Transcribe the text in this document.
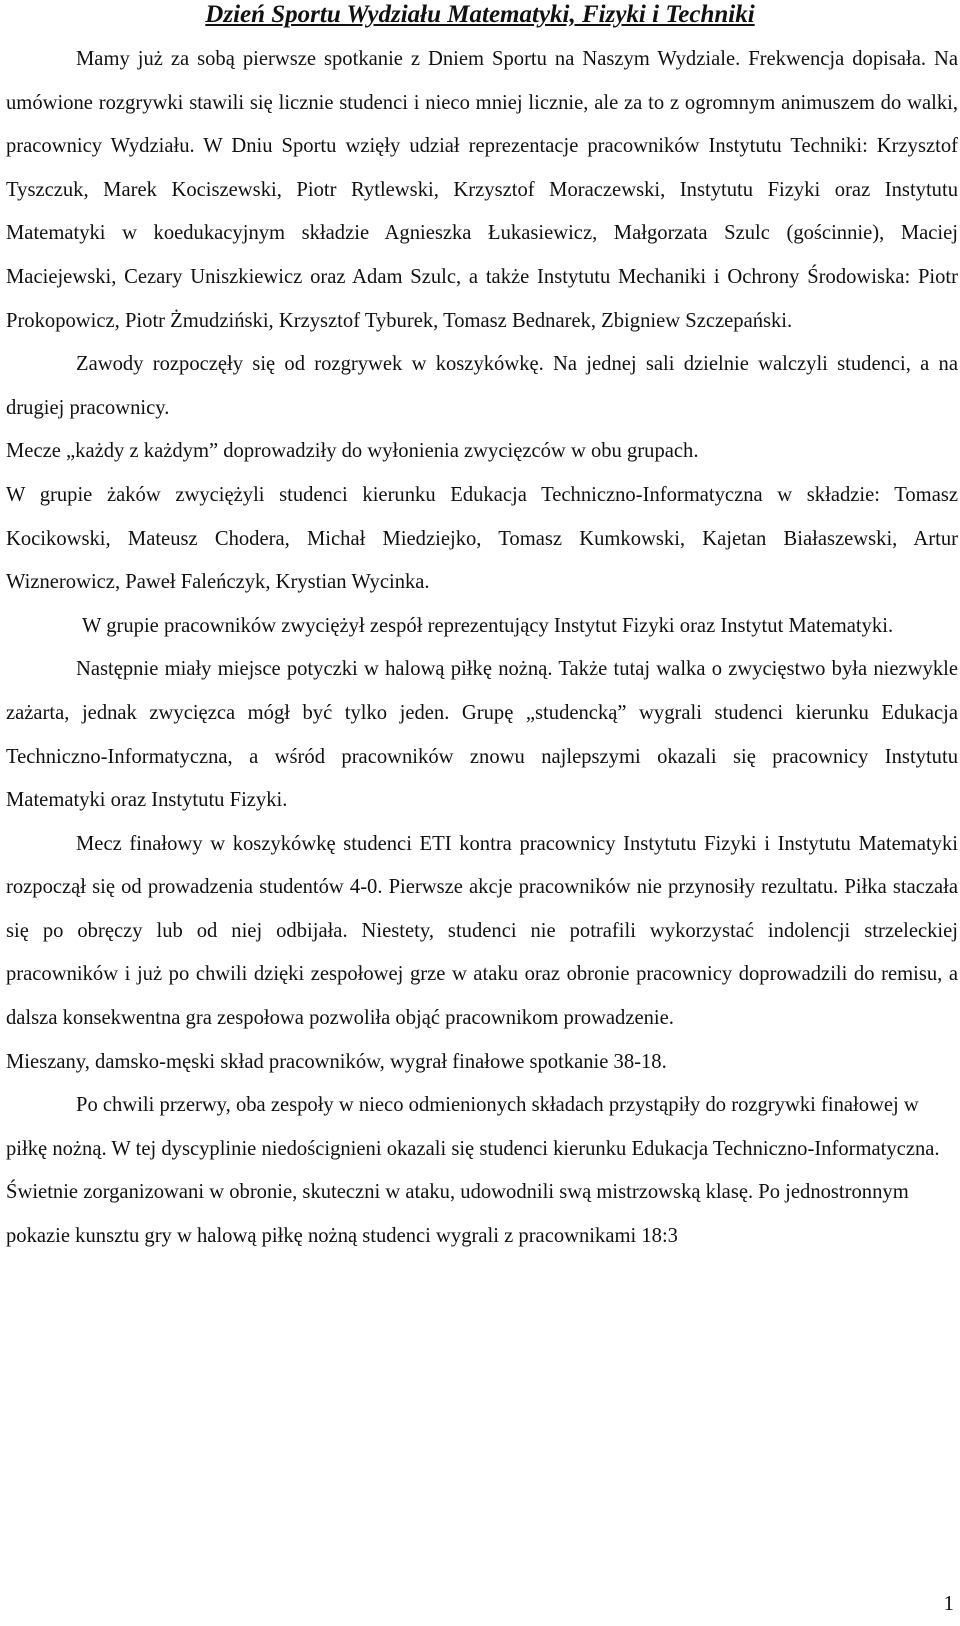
Dzień Sportu Wydziału Matematyki, Fizyki i Techniki

Mamy już za sobą pierwsze spotkanie z Dniem Sportu na Naszym Wydziale. Frekwencja dopisała. Na umówione rozgrywki stawili się licznie studenci i nieco mniej licznie, ale za to z ogromnym animuszem do walki, pracownicy Wydziału. W Dniu Sportu wzięły udział reprezentacje pracowników Instytutu Techniki: Krzysztof Tyszczuk, Marek Kociszewski, Piotr Rytlewski, Krzysztof Moraczewski, Instytutu Fizyki oraz Instytutu Matematyki w koedukacyjnym składzie Agnieszka Łukasiewicz, Małgorzata Szulc (gościnnie), Maciej Maciejewski, Cezary Uniszkiewicz oraz Adam Szulc, a także Instytutu Mechaniki i Ochrony Środowiska: Piotr Prokopowicz, Piotr Żmudziński, Krzysztof Tyburek, Tomasz Bednarek, Zbigniew Szczepański.

Zawody rozpoczęły się od rozgrywek w koszykówkę. Na jednej sali dzielnie walczyli studenci, a na drugiej pracownicy.

Mecze „każdy z każdym” doprowadziły do wyłonienia zwycięzców w obu grupach.

W grupie żaków zwyciężyli studenci kierunku Edukacja Techniczno-Informatyczna w składzie: Tomasz Kocikowski, Mateusz Chodera, Michał Miedziejko, Tomasz Kumkowski, Kajetan Białaszewski, Artur Wiznerowicz, Paweł Faleńczyk, Krystian Wycinka.

W grupie pracowników zwyciężył zespół reprezentujący Instytut Fizyki oraz Instytut Matematyki.

Następnie miały miejsce potyczki w halową piłkę nożną. Także tutaj walka o zwycięstwo była niezwykle zażarta, jednak zwycięzca mógł być tylko jeden. Grupę „studencką” wygrali studenci kierunku Edukacja Techniczno-Informatyczna, a wśród pracowników znowu najlepszymi okazali się pracownicy Instytutu Matematyki oraz Instytutu Fizyki.

Mecz finałowy w koszykówkę studenci ETI kontra pracownicy Instytutu Fizyki i Instytutu Matematyki rozpoczął się od prowadzenia studentów 4-0. Pierwsze akcje pracowników nie przynosiły rezultatu. Piłka staczała się po obręczy lub od niej odbijała. Niestety, studenci nie potrafili wykorzystać indolencji strzeleckiej pracowników i już po chwili dzięki zespołowej grze w ataku oraz obronie pracownicy doprowadzili do remisu, a dalsza konsekwentna gra zespołowa pozwoliła objąć pracownikom prowadzenie.

Mieszany, damsko-męski skład pracowników, wygrał finałowe spotkanie 38-18.

Po chwili przerwy, oba zespoły w nieco odmienionych składach przystąpiły do rozgrywki finałowej w piłkę nożną. W tej dyscyplinie niedoścignieni okazali się studenci kierunku Edukacja Techniczno-Informatyczna. Świetnie zorganizowani w obronie, skuteczni w ataku, udowodnili swą mistrzowską klasę. Po jednostronnym pokazie kunsztu gry w halową piłkę nożną studenci wygrali z pracownikami 18:3

1
